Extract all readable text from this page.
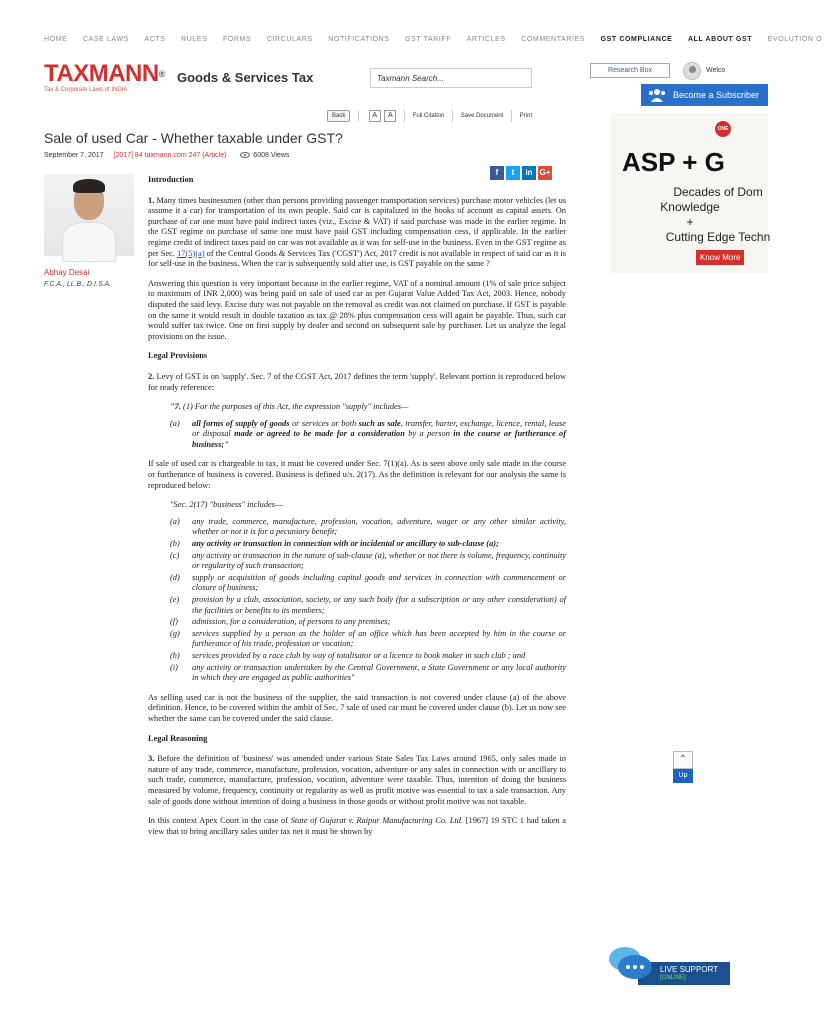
HOME CASE LAWS ACTS RULES FORMS CIRCULARS NOTIFICATIONS GST TARIFF ARTICLES COMMENTARIES GST COMPLIANCE ALL ABOUT GST EVOLUTION O
TAXMANN®
Tax & Corporate Laws of INDIA
Goods & Services Tax	Taxmann Search...
Research Box	Welco
Become a Subscriber
Back	A A	Full Citation	Save Document	Print
Sale of used Car - Whether taxable under GST?
September 7, 2017 [2017] 84 taxmann.com 247 (Article)	6008 Views
f t in G+
Abhay Desai
F.C.A., LL.B., D.I.S.A.
Introduction

1. Many times businessmen (other than persons providing passenger transportation services) purchase motor vehicles (let us assume it a car) for transportation of its own people. Said car is capitalized in the books of account as capital assets. On purchase of car one must have paid indirect taxes (viz., Excise & VAT) if said purchase was made in the earlier regime. In the GST regime on purchase of same one must have paid GST including compensation cess, if applicable. In the earlier regime credit of indirect taxes paid on car was not available as it was for self-use in the business. Even in the GST regime as per Sec. 17(5)(a) of the Central Goods & Services Tax ('CGST') Act, 2017 credit is not available in respect of said car as it is for self-use in the business. When the car is subsequently sold after use, is GST payable on the same ?

Answering this question is very important because in the earlier regime, VAT of a nominal amount (1% of sale price subject to maximum of INR 2,000) was being paid on sale of used car as per Gujarat Value Added Tax Act, 2003. Hence, nobody disputed the said levy. Excise duty was not payable on the removal as credit was not claimed on purchase. If GST is payable on the same it would result in double taxation as tax @ 28% plus compensation cess will again be payable. Thus, such car would suffer tax twice. One on first supply by dealer and second on subsequent sale by purchaser. Let us analyze the legal provisions on the issue.

Legal Provisions

2. Levy of GST is on 'supply'. Sec. 7 of the CGST Act, 2017 defines the term 'supply'. Relevant portion is reproduced below for ready reference:

"7. (1) For the purposes of this Act, the expression "supply" includes—
(a)	all forms of supply of goods or services or both such as sale, transfer, barter, exchange, licence, rental, lease or disposal made or agreed to be made for a consideration by a person in the course or furtherance of business;"

If sale of used car is chargeable to tax, it must be covered under Sec. 7(1)(a). As is seen above only sale made in the course or furtherance of business is covered. Business is defined u/s. 2(17). As the definition is relevant for our analysis the same is reproduced below:

"Sec. 2(17) "business" includes––
(a)	any trade, commerce, manufacture, profession, vocation, adventure, wager or any other similar activity, whether or not it is for a pecuniary benefit;
(b)	any activity or transaction in connection with or incidental or ancillary to sub-clause (a);
(c)	any activity or transaction in the nature of sub-clause (a), whether or not there is volume, frequency, continuity or regularity of such transaction;
(d)	supply or acquisition of goods including capital goods and services in connection with commencement or closure of business;
(e)	provision by a club, association, society, or any such body (for a subscription or any other consideration) of the facilities or benefits to its members;
(f)	admission, for a consideration, of persons to any premises;
(g)	services supplied by a person as the holder of an office which has been accepted by him in the course or furtherance of his trade, profession or vocation;
(h)	services provided by a race club by way of totalisator or a licence to book maker in such club ; and
(i)	any activity or transaction undertaken by the Central Government, a State Government or any local authority in which they are engaged as public authorities"

As selling used car is not the business of the supplier, the said transaction is not covered under clause (a) of the above definition. Hence, to be covered within the ambit of Sec. 7 sale of used car must be covered under clause (b). Let us now see whether the same can be covered under the said clause.

Legal Reasoning

3. Before the definition of 'business' was amended under various State Sales Tax Laws around 1965, only sales made in nature of any trade, commerce, manufacture, profession, vocation, adventure or any sales in connection with or ancillary to such trade, commerce, manufacture, profession, vocation, adventure were taxable. Thus, intention of doing the business measured by volume, frequency, continuity or regularity as well as profit motive was essential to tax a sale transaction. Any sale of goods done without intention of doing a business in those goods or without profit motive was not taxable.

In this context Apex Court in the case of State of Gujarat v. Raipur Manufacturing Co. Ltd. [1967] 19 STC 1 had taken a view that to bring ancillary sales under tax net it must be shown by

ONE
ASP + G
Decades of Dom
Knowledge
+
Cutting Edge Techn
Know More
⌃
Up
LIVE SUPPORT
[ONLINE]
